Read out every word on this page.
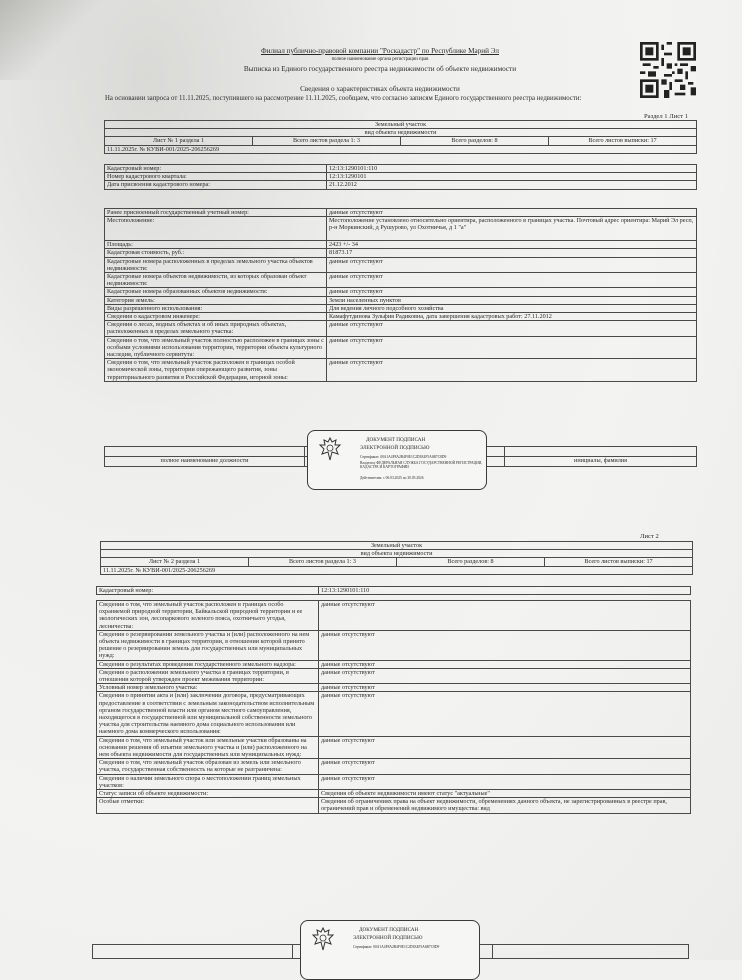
Филиал публично-правовой компании "Роскадастр" по Республике Марий Эл
полное наименование органа регистрации прав
Выписка из Единого государственного реестра недвижимости об объекте недвижимости
Сведения о характеристиках объекта недвижимости
На основании запроса от 11.11.2025, поступившего на рассмотрение 11.11.2025, сообщаем, что согласно записям Единого государственного реестра недвижимости:
Раздел 1 Лист 1
Земельный участок
вид объекта недвижимости
Лист № 1 раздела 1	Всего листов раздела 1: 3	Всего разделов: 8	Всего листов выписки: 17
11.11.2025г. № КУВИ-001/2025-206256269
Кадастровый номер:	12:13:1290101:110
Номер кадастрового квартала:	12:13:1290101
Дата присвоения кадастрового номера:	21.12.2012
Ранее присвоенный государственный учетный номер:	данные отсутствуют
Местоположение:	Местоположение установлено относительно ориентира, расположенного в границах участка. Почтовый адрес ориентира: Марий Эл респ, р-н Моркинский, д Рушурово, ул Охотничья, д 1 "а"
Площадь:	2423 +/- 34
Кадастровая стоимость, руб.:	81873.17
Кадастровые номера расположенных в пределах земельного участка объектов недвижимости:	данные отсутствуют
Кадастровые номера объектов недвижимости, из которых образован объект недвижимости:	данные отсутствуют
Кадастровые номера образованных объектов недвижимости:	данные отсутствуют
Категория земель:	Земли населенных пунктов
Виды разрешенного использования:	Для ведения личного подсобного хозяйства
Сведения о кадастровом инженере:	Камафутдинова Зульфия Радиковна, дата завершения кадастровых работ: 27.11.2012
Сведения о лесах, водных объектах и об иных природных объектах, расположенных в пределах земельного участка:	данные отсутствуют
Сведения о том, что земельный участок полностью расположен в границах зоны с особыми условиями использования территории, территории объекта культурного наследия, публичного сервитута:	данные отсутствуют
Сведения о том, что земельный участок расположен в границах особой экономической зоны, территории опережающего развития, зоны территориального развития в Российской Федерации, игорной зоны:	данные отсутствуют

полное наименование должности		инициалы, фамилия
ДОКУМЕНТ ПОДПИСАН
ЭЛЕКТРОННОЙ ПОДПИСЬЮ
Сертификат: 00A1A4F8A2B4F0E1C2D3E4F5A6B7C8D9
Владелец: ФЕДЕРАЛЬНАЯ СЛУЖБА ГОСУДАРСТВЕННОЙ РЕГИСТРАЦИИ, КАДАСТРА И КАРТОГРАФИИ
Действителен: с 06.03.2025 по 30.05.2026
Лист 2
Земельный участок
вид объекта недвижимости
Лист № 2 раздела 1	Всего листов раздела 1: 3	Всего разделов: 8	Всего листов выписки: 17
11.11.2025г. № КУВИ-001/2025-206256269
Кадастровый номер:	12:13:1290101:110
Сведения о том, что земельный участок расположен в границах особо охраняемой природной территории, Байкальской природной территории и ее экологических зон, лесопаркового зеленого пояса, охотничьего угодья, лесничества:	данные отсутствуют
Сведения о резервировании земельного участка и (или) расположенного на нем объекта недвижимости в границах территории, в отношении которой принято решение о резервировании земель для государственных или муниципальных нужд:	данные отсутствуют
Сведения о результатах проведения государственного земельного надзора:	данные отсутствуют
Сведения о расположении земельного участка в границах территории, в отношении которой утвержден проект межевания территории:	данные отсутствуют
Условный номер земельного участка:	данные отсутствуют
Сведения о принятии акта и (или) заключении договора, предусматривающих предоставление в соответствии с земельным законодательством исполнительным органом государственной власти или органом местного самоуправления, находящегося в государственной или муниципальной собственности земельного участка для строительства наемного дома социального использования или наемного дома коммерческого использования:	данные отсутствуют
Сведения о том, что земельный участок или земельные участки образованы на основании решения об изъятии земельного участка и (или) расположенного на нем объекта недвижимости для государственных или муниципальных нужд:	данные отсутствуют
Сведения о том, что земельный участок образован из земель или земельного участка, государственная собственность на которые не разграничена:	данные отсутствуют
Сведения о наличии земельного спора о местоположении границ земельных участков:	данные отсутствуют
Статус записи об объекте недвижимости:	Сведения об объекте недвижимости имеют статус "актуальные"
Особые отметки:	Сведения об ограничениях права на объект недвижимости, обременениях данного объекта, не зарегистрированных в реестре прав, ограничений прав и обременений недвижимого имущества: вид

ДОКУМЕНТ ПОДПИСАН
ЭЛЕКТРОННОЙ ПОДПИСЬЮ
Сертификат: 00A1A4F8A2B4F0E1C2D3E4F5A6B7C8D9
